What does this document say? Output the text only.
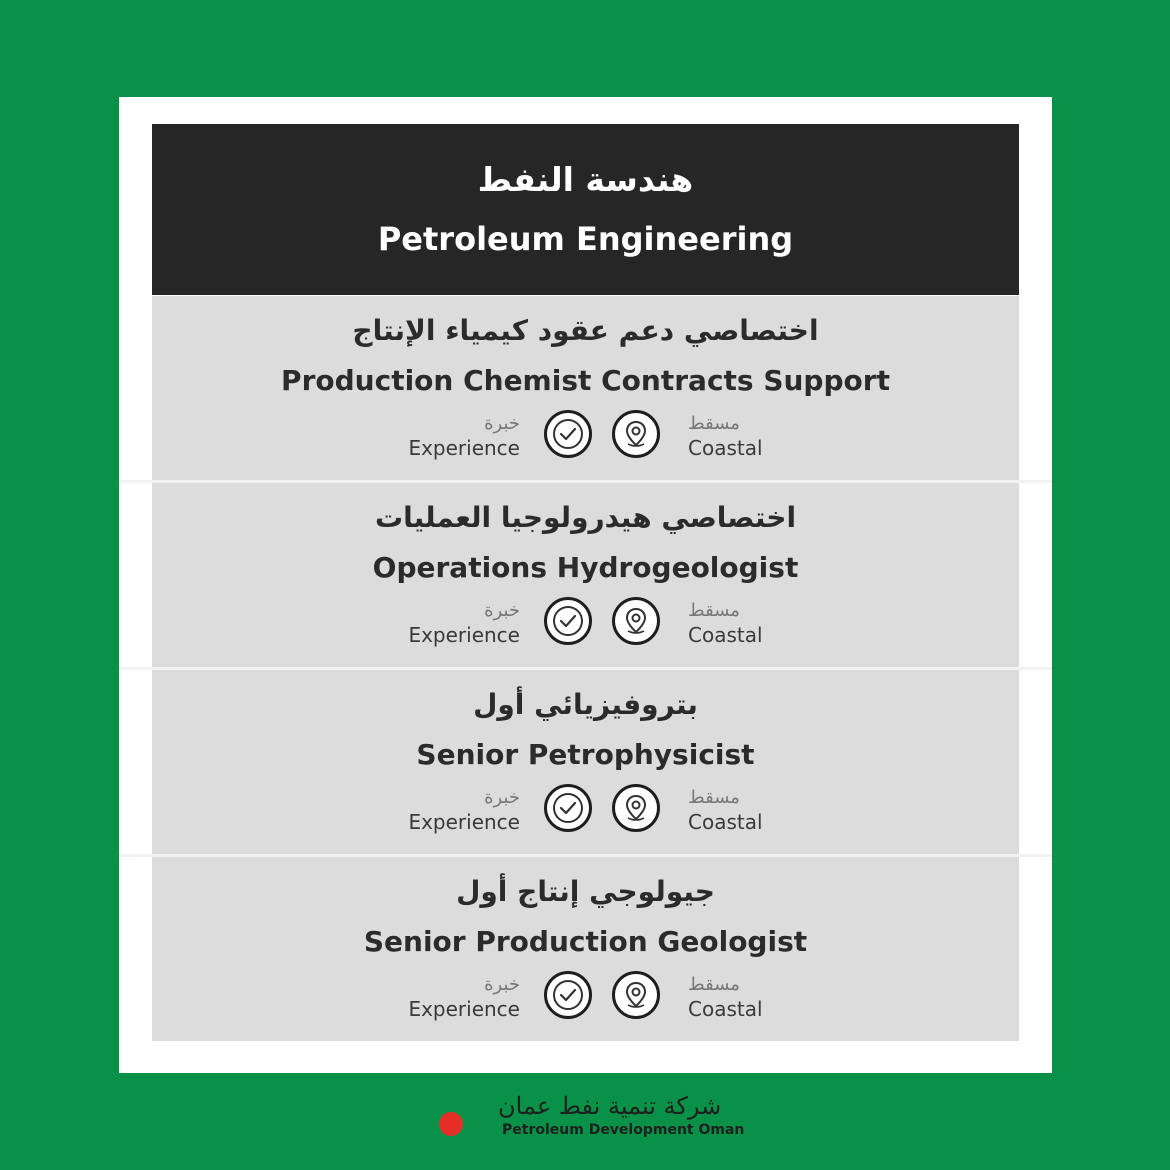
هندسة النفط
Petroleum Engineering
اختصاصي دعم عقود كيمياء الإنتاج
Production Chemist Contracts Support
خبرة
Experience
مسقط
Coastal
اختصاصي هيدرولوجيا العمليات
Operations Hydrogeologist
خبرة
Experience
مسقط
Coastal
بتروفيزيائي أول
Senior Petrophysicist
خبرة
Experience
مسقط
Coastal
جيولوجي إنتاج أول
Senior Production Geologist
خبرة
Experience
مسقط
Coastal
شركة تنمية نفط عمان
Petroleum Development Oman
